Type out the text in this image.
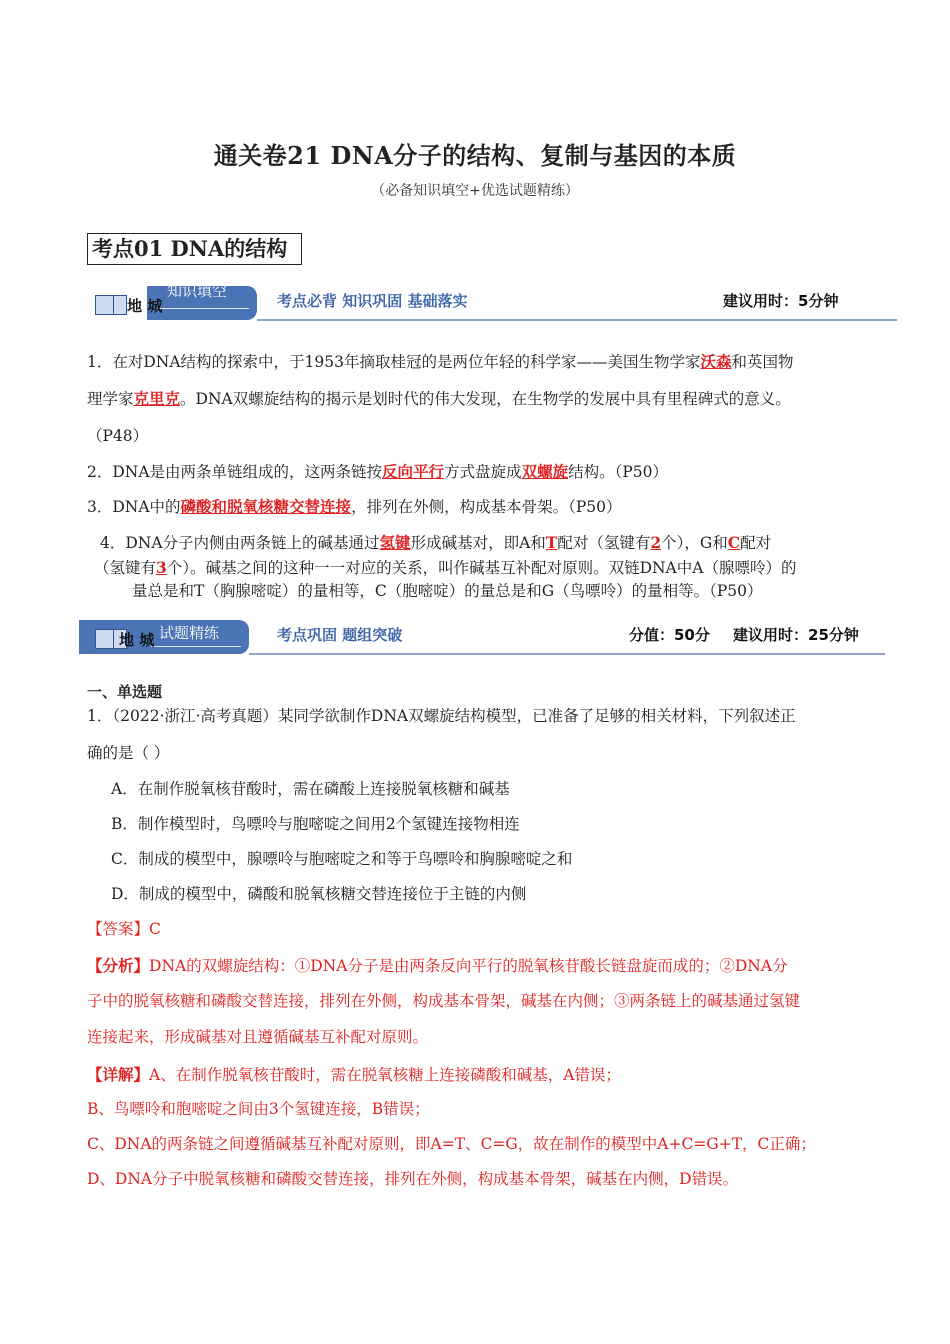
通关卷21 DNA分子的结构、复制与基因的本质
（必备知识填空+优选试题精练）
考点01 DNA的结构
知识填空
地 城	考点必背 知识巩固 基础落实	建议用时：5分钟
1．在对DNA结构的探索中，于1953年摘取桂冠的是两位年轻的科学家——美国生物学家沃森和英国物
理学家克里克。DNA双螺旋结构的揭示是划时代的伟大发现，在生物学的发展中具有里程碑式的意义。
（P48）
2．DNA是由两条单链组成的，这两条链按反向平行方式盘旋成双螺旋结构。（P50）
3．DNA中的磷酸和脱氧核糖交替连接，排列在外侧，构成基本骨架。（P50）
4．DNA分子内侧由两条链上的碱基通过氢键形成碱基对，即A和T配对（氢键有2个），G和C配对
（氢键有3个）。碱基之间的这种一一对应的关系，叫作碱基互补配对原则。双链DNA中A（腺嘌呤）的
量总是和T（胸腺嘧啶）的量相等，C（胞嘧啶）的量总是和G（鸟嘌呤）的量相等。（P50）
试题精练
地 城	考点巩固 题组突破	分值：50分 建议用时：25分钟
一、单选题
1．（2022·浙江·高考真题）某同学欲制作DNA双螺旋结构模型，已准备了足够的相关材料，下列叙述正
确的是（ ）
A．在制作脱氧核苷酸时，需在磷酸上连接脱氧核糖和碱基
B．制作模型时，鸟嘌呤与胞嘧啶之间用2个氢键连接物相连
C．制成的模型中，腺嘌呤与胞嘧啶之和等于鸟嘌呤和胸腺嘧啶之和
D．制成的模型中，磷酸和脱氧核糖交替连接位于主链的内侧
【答案】C
【分析】DNA的双螺旋结构：①DNA分子是由两条反向平行的脱氧核苷酸长链盘旋而成的；②DNA分
子中的脱氧核糖和磷酸交替连接，排列在外侧，构成基本骨架，碱基在内侧；③两条链上的碱基通过氢键
连接起来，形成碱基对且遵循碱基互补配对原则。
【详解】A、在制作脱氧核苷酸时，需在脱氧核糖上连接磷酸和碱基，A错误；
B、鸟嘌呤和胞嘧啶之间由3个氢键连接，B错误；
C、DNA的两条链之间遵循碱基互补配对原则，即A=T、C=G，故在制作的模型中A+C=G+T，C正确；
D、DNA分子中脱氧核糖和磷酸交替连接，排列在外侧，构成基本骨架，碱基在内侧，D错误。
